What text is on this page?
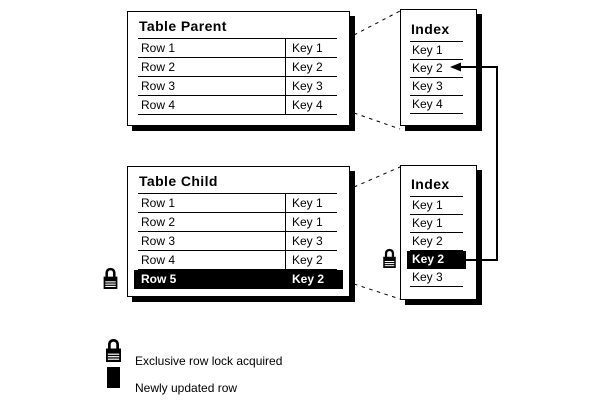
Table Parent
Row 1	Key 1
Row 2	Key 2
Row 3	Key 3
Row 4	Key 4
Index
Key 1
Key 2
Key 3
Key 4
Table Child
Row 1	Key 1
Row 2	Key 1
Row 3	Key 3
Row 4	Key 2
Row 5	Key 2
Index
Key 1
Key 1
Key 2
Key 2
Key 3
Exclusive row lock acquired
Newly updated row
